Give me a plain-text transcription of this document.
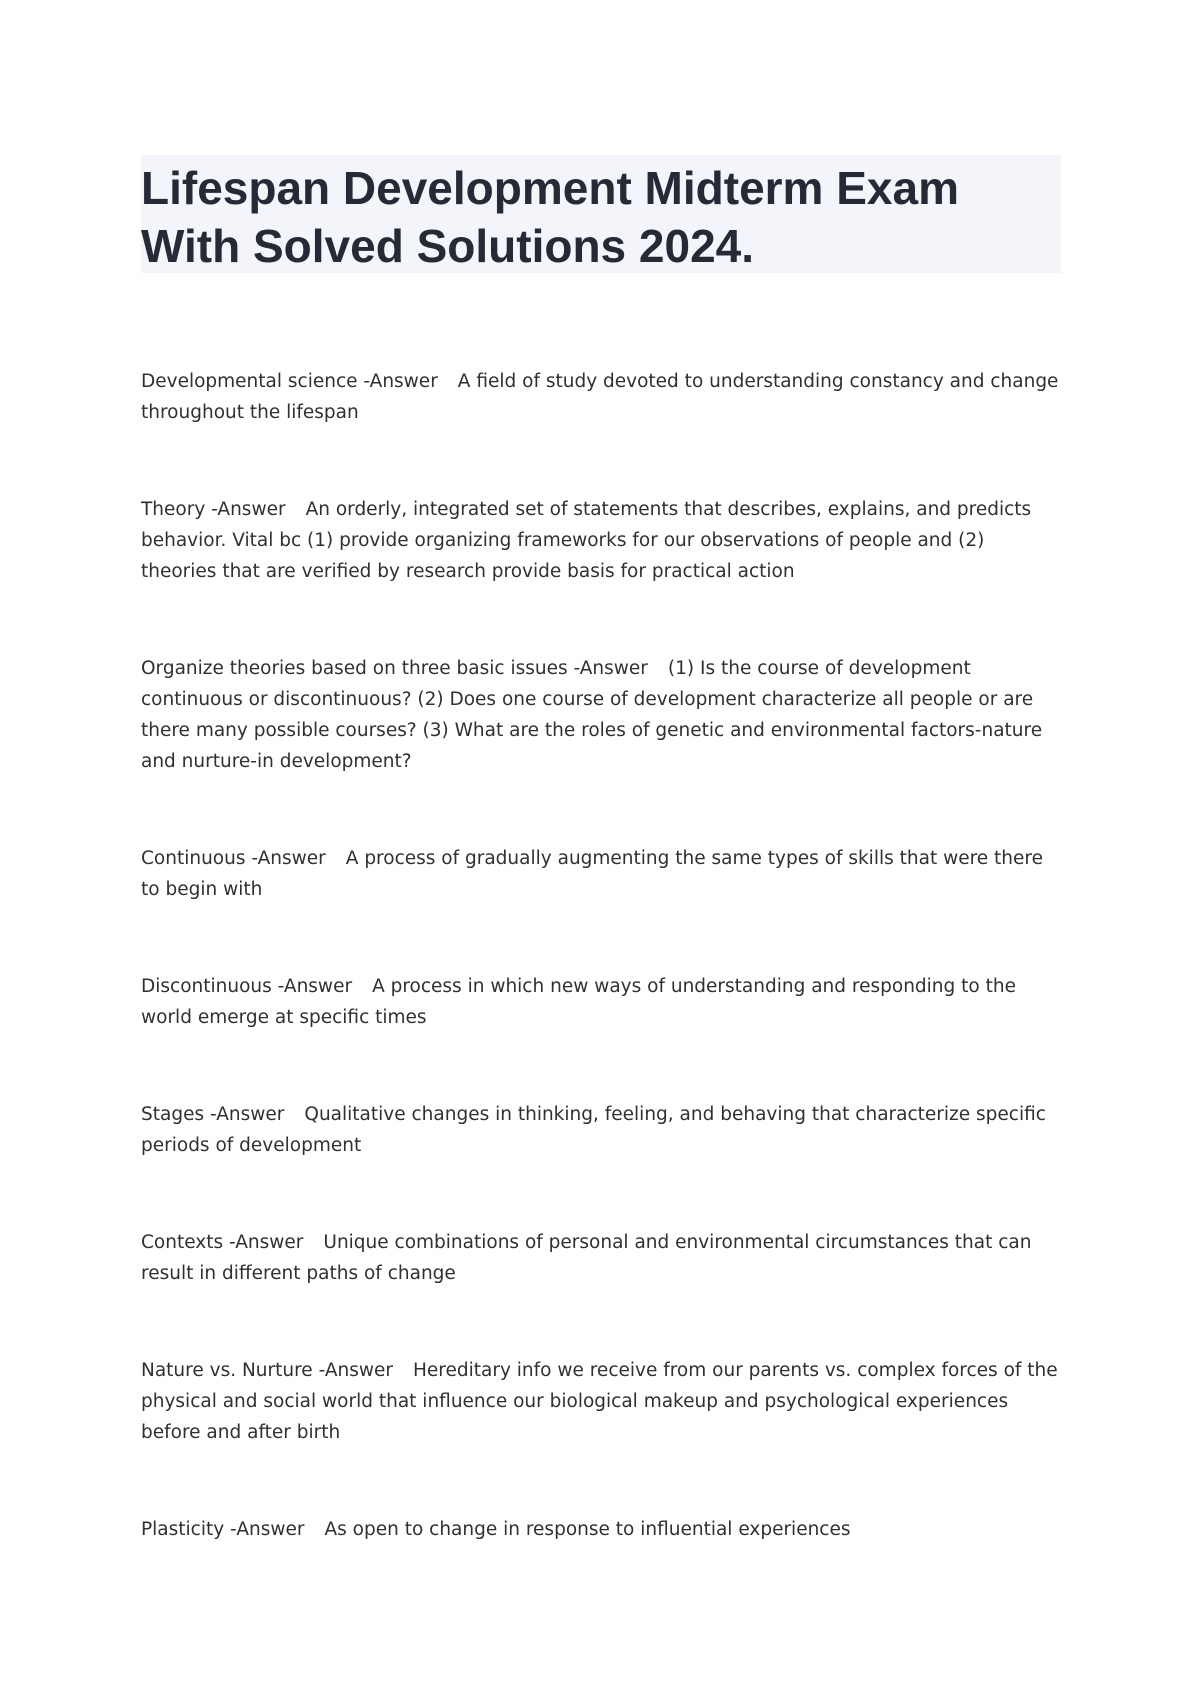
Lifespan Development Midterm Exam With Solved Solutions 2024.

Developmental science -Answer A field of study devoted to understanding constancy and change throughout the lifespan

Theory -Answer An orderly, integrated set of statements that describes, explains, and predicts behavior. Vital bc (1) provide organizing frameworks for our observations of people and (2) theories that are verified by research provide basis for practical action

Organize theories based on three basic issues -Answer (1) Is the course of development continuous or discontinuous? (2) Does one course of development characterize all people or are there many possible courses? (3) What are the roles of genetic and environmental factors-nature and nurture-in development?

Continuous -Answer A process of gradually augmenting the same types of skills that were there to begin with

Discontinuous -Answer A process in which new ways of understanding and responding to the world emerge at specific times

Stages -Answer Qualitative changes in thinking, feeling, and behaving that characterize specific periods of development

Contexts -Answer Unique combinations of personal and environmental circumstances that can result in different paths of change

Nature vs. Nurture -Answer Hereditary info we receive from our parents vs. complex forces of the physical and social world that influence our biological makeup and psychological experiences before and after birth

Plasticity -Answer As open to change in response to influential experiences
